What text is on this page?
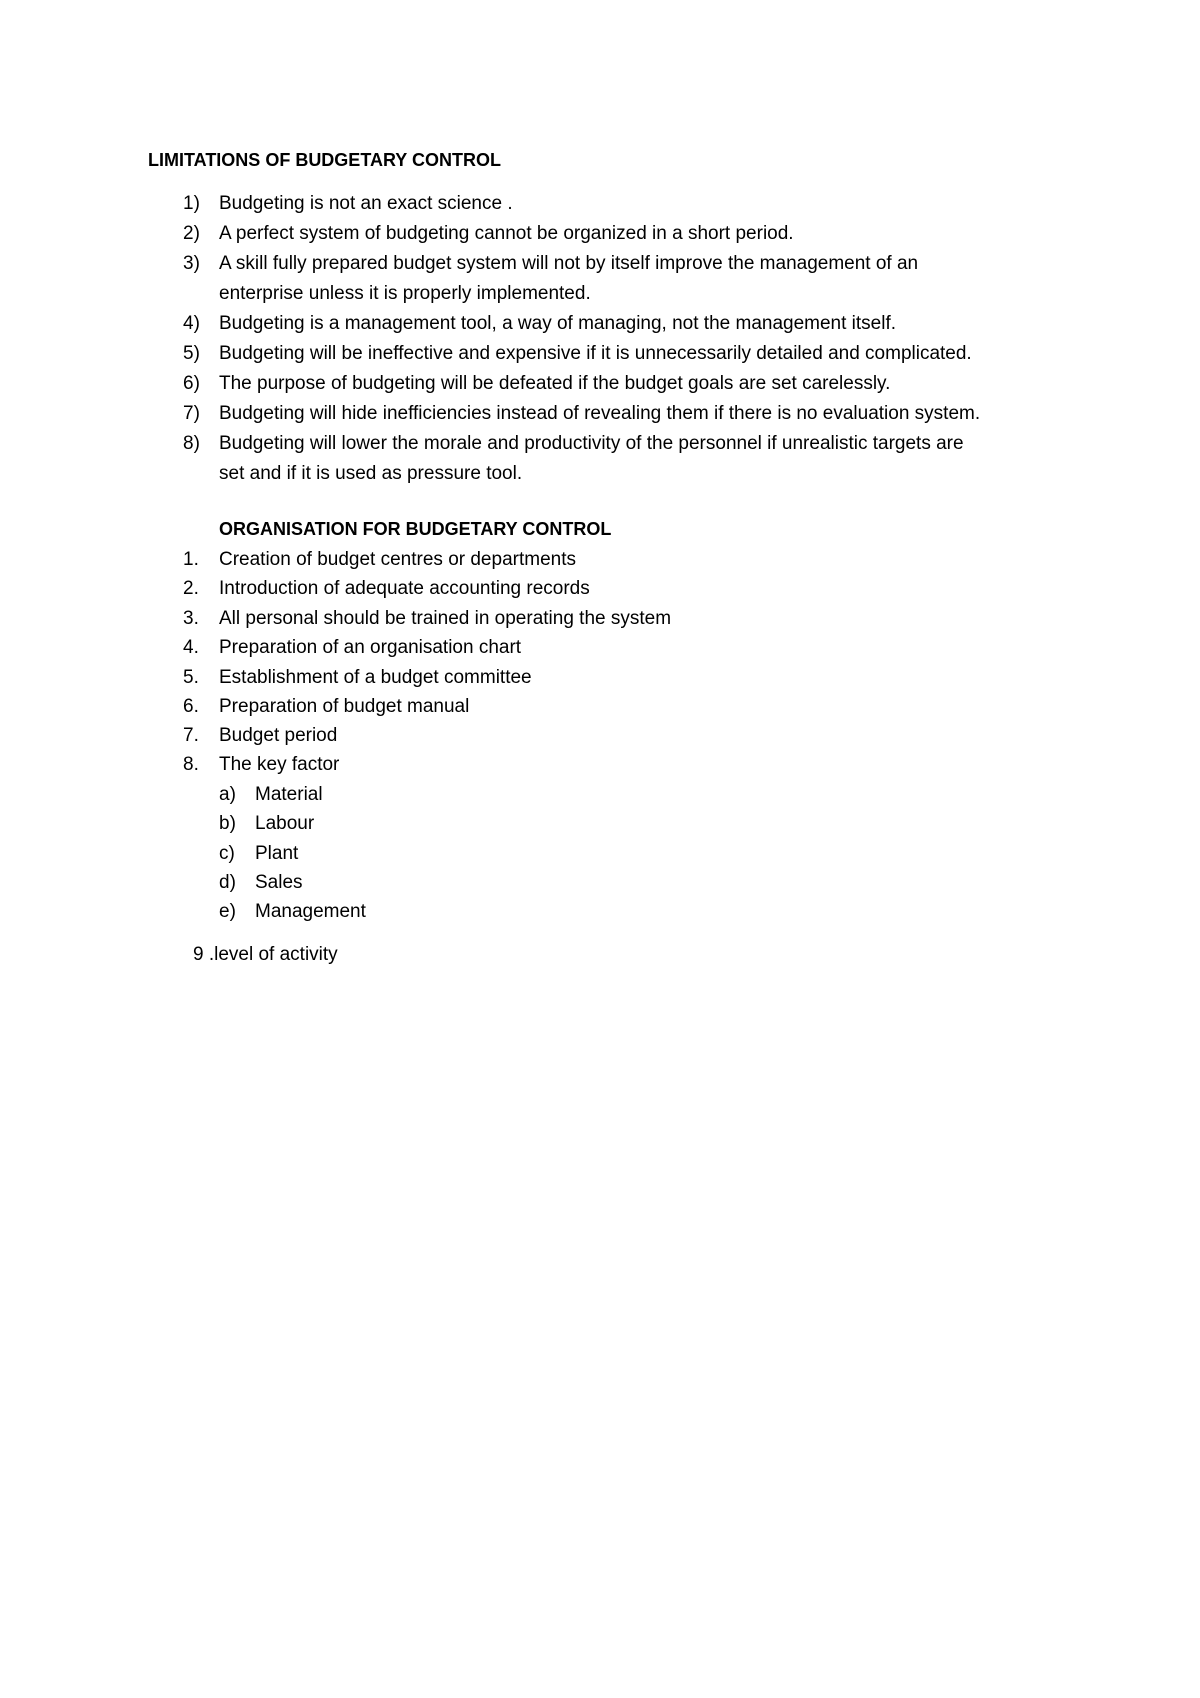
LIMITATIONS OF BUDGETARY CONTROL
1) Budgeting is not an exact science .
2) A perfect system of budgeting cannot be organized in a short period.
3) A skill fully prepared budget system will not by itself improve the management of an
enterprise unless it is properly implemented.
4) Budgeting is a management tool, a way of managing, not the management itself.
5) Budgeting will be ineffective and expensive if it is unnecessarily detailed and complicated.
6) The purpose of budgeting will be defeated if the budget goals are set carelessly.
7) Budgeting will hide inefficiencies instead of revealing them if there is no evaluation system.
8) Budgeting will lower the morale and productivity of the personnel if unrealistic targets are
set and if it is used as pressure tool.
ORGANISATION FOR BUDGETARY CONTROL
1. Creation of budget centres or departments
2. Introduction of adequate accounting records
3. All personal should be trained in operating the system
4. Preparation of an organisation chart
5. Establishment of a budget committee
6. Preparation of budget manual
7. Budget period
8. The key factor
a) Material
b) Labour
c) Plant
d) Sales
e) Management
9 .level of activity
